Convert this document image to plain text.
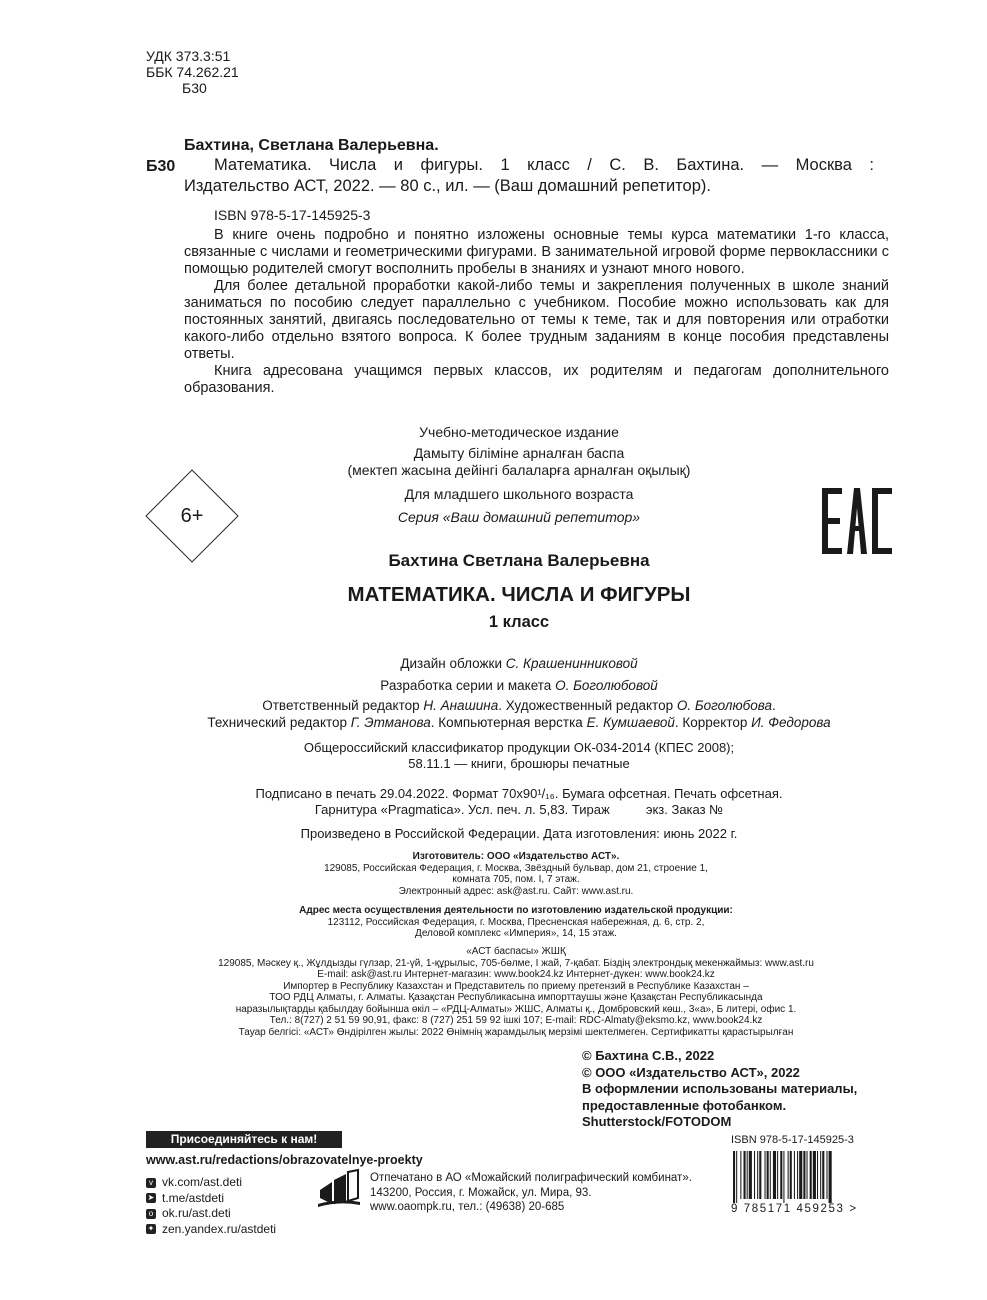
УДК 373.3:51
ББК 74.262.21
Б30
Бахтина, Светлана Валерьевна.
Б30 Математика. Числа и фигуры. 1 класс / С. В. Бахтина. — Москва :
Издательство АСТ, 2022. — 80 с., ил. — (Ваш домашний репетитор).
ISBN 978-5-17-145925-3

В книге очень подробно и понятно изложены основные темы курса математики 1-го класса, связанные с числами и геометрическими фигурами. В занимательной игровой форме первоклассники с помощью родителей смогут восполнить пробелы в знаниях и узнают много нового.

Для более детальной проработки какой-либо темы и закрепления полученных в школе знаний заниматься по пособию следует параллельно с учебником. Пособие можно использовать как для постоянных занятий, двигаясь последовательно от темы к теме, так и для повторения или отработки какого-либо отдельно взятого вопроса. К более трудным заданиям в конце пособия представлены ответы.

Книга адресована учащимся первых классов, их родителям и педагогам дополнительного образования.

Учебно-методическое издание
Дамыту біліміне арналған баспа
(мектеп жасына дейінгі балаларға арналған оқылық)
Для младшего школьного возраста
Серия «Ваш домашний репетитор»
6+
Бахтина Светлана Валерьевна
МАТЕМАТИКА. ЧИСЛА И ФИГУРЫ
1 класс
Дизайн обложки С. Крашенинниковой
Разработка серии и макета О. Боголюбовой
Ответственный редактор Н. Анашина. Художественный редактор О. Боголюбова.
Технический редактор Г. Этманова. Компьютерная верстка Е. Кумшаевой. Корректор И. Федорова
Общероссийский классификатор продукции ОК-034-2014 (КПЕС 2008);
58.11.1 — книги, брошюры печатные
Подписано в печать 29.04.2022. Формат 70х90¹/₁₆. Бумага офсетная. Печать офсетная.
Гарнитура «Pragmatica». Усл. печ. л. 5,83. Тираж          экз. Заказ №
Произведено в Российской Федерации. Дата изготовления: июнь 2022 г.
Изготовитель: ООО «Издательство АСТ».
129085, Российская Федерация, г. Москва, Звёздный бульвар, дом 21, строение 1,
комната 705, пом. I, 7 этаж.
Электронный адрес: ask@ast.ru. Сайт: www.ast.ru.
Адрес места осуществления деятельности по изготовлению издательской продукции:
123112, Российская Федерация, г. Москва, Пресненская набережная, д. 6, стр. 2,
Деловой комплекс «Империя», 14, 15 этаж.
«АСТ баспасы» ЖШҚ
129085, Мәскеу қ., Жұлдызды гүлзар, 21-үй, 1-құрылыс, 705-бөлме, I жай, 7-қабат. Біздің электрондық мекенжаймыз: www.ast.ru
E-mail: ask@ast.ru Интернет-магазин: www.book24.kz Интернет-дүкен: www.book24.kz
Импортер в Республику Казахстан и Представитель по приему претензий в Республике Казахстан –
ТОО РДЦ Алматы, г. Алматы. Қазақстан Республикасына импорттаушы және Қазақстан Республикасында
наразылықтарды қабылдау бойынша өкіл – «РДЦ-Алматы» ЖШС, Алматы қ., Домбровский көш., 3«а», Б литері, офис 1.
Тел.: 8(727) 2 51 59 90,91, факс: 8 (727) 251 59 92 ішкі 107; E-mail: RDC-Almaty@eksmo.kz, www.book24.kz
Тауар белгісі: «АСТ» Өндірілген жылы: 2022 Өнімнің жарамдылық мерзімі шектелмеген. Сертификатты қарастырылған
© Бахтина С.В., 2022
© ООО «Издательство АСТ», 2022
В оформлении использованы материалы,
предоставленные фотобанком.
Shutterstock/FOTODOM
Присоединяйтесь к нам!
www.ast.ru/redactions/obrazovatelnye-proekty
v vk.com/ast.deti
➤ t.me/astdeti
o ok.ru/ast.deti
✦ zen.yandex.ru/astdeti
Отпечатано в АО «Можайский полиграфический комбинат».
143200, Россия, г. Можайск, ул. Мира, 93.
www.oaompk.ru, тел.: (49638) 20-685
ISBN 978-5-17-145925-3
9 785171 459253 >
